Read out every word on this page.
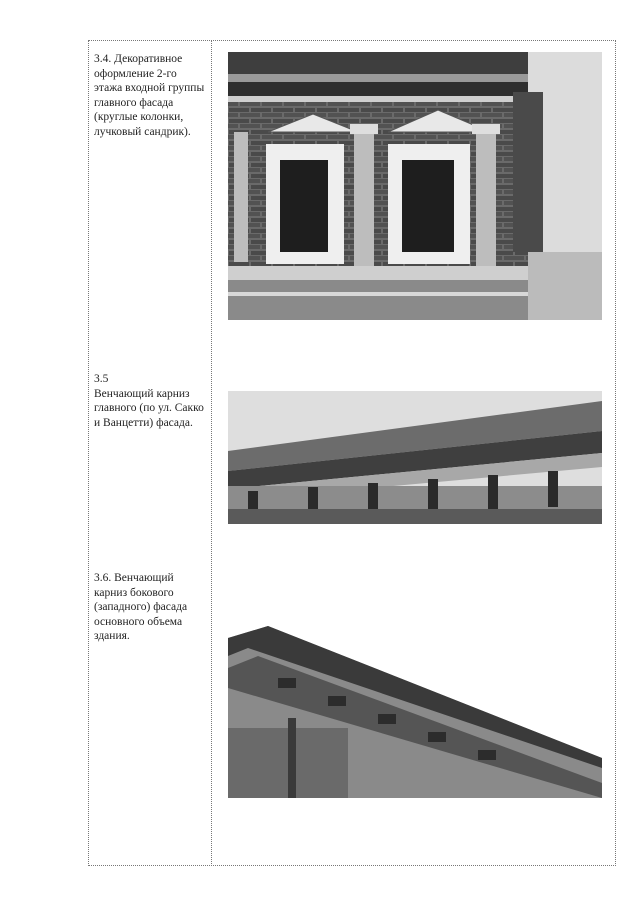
3.4. Декоративное оформление 2-го этажа входной группы главного фасада (круглые колонки, лучковый сандрик).
3.5
Венчающий карниз главного (по ул. Сакко и Ванцетти) фасада.
3.6. Венчающий карниз бокового (западного) фасада основного объема здания.
